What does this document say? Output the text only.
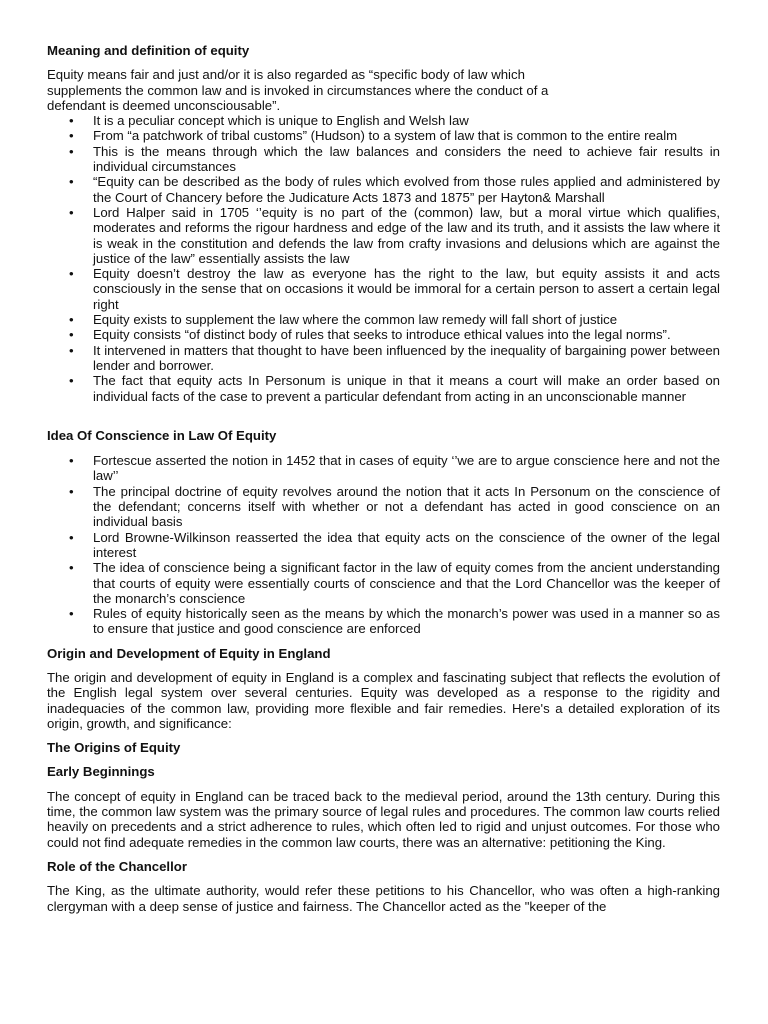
Meaning and definition of equity

Equity means fair and just and/or it is also regarded as “specific body of law which
supplements the common law and is invoked in circumstances where the conduct of a
defendant is deemed unconsciousable”.
• It is a peculiar concept which is unique to English and Welsh law
• From “a patchwork of tribal customs” (Hudson) to a system of law that is common to the entire realm
• This is the means through which the law balances and considers the need to achieve fair results in individual circumstances
• “Equity can be described as the body of rules which evolved from those rules applied and administered by the Court of Chancery before the Judicature Acts 1873 and 1875” per Hayton& Marshall
• Lord Halper said in 1705 ‘’equity is no part of the (common) law, but a moral virtue which qualifies, moderates and reforms the rigour hardness and edge of the law and its truth, and it assists the law where it is weak in the constitution and defends the law from crafty invasions and delusions which are against the justice of the law” essentially assists the law
• Equity doesn’t destroy the law as everyone has the right to the law, but equity assists it and acts consciously in the sense that on occasions it would be immoral for a certain person to assert a certain legal right
• Equity exists to supplement the law where the common law remedy will fall short of justice
• Equity consists “of distinct body of rules that seeks to introduce ethical values into the legal norms”.
• It intervened in matters that thought to have been influenced by the inequality of bargaining power between lender and borrower.
• The fact that equity acts In Personum is unique in that it means a court will make an order based on individual facts of the case to prevent a particular defendant from acting in an unconscionable manner

Idea Of Conscience in Law Of Equity

• Fortescue asserted the notion in 1452 that in cases of equity ‘’we are to argue conscience here and not the law’’
• The principal doctrine of equity revolves around the notion that it acts In Personum on the conscience of the defendant; concerns itself with whether or not a defendant has acted in good conscience on an individual basis
• Lord Browne-Wilkinson reasserted the idea that equity acts on the conscience of the owner of the legal interest
• The idea of conscience being a significant factor in the law of equity comes from the ancient understanding that courts of equity were essentially courts of conscience and that the Lord Chancellor was the keeper of the monarch’s conscience
• Rules of equity historically seen as the means by which the monarch’s power was used in a manner so as to ensure that justice and good conscience are enforced

Origin and Development of Equity in England

The origin and development of equity in England is a complex and fascinating subject that reflects the evolution of the English legal system over several centuries. Equity was developed as a response to the rigidity and inadequacies of the common law, providing more flexible and fair remedies. Here's a detailed exploration of its origin, growth, and significance:

The Origins of Equity

Early Beginnings

The concept of equity in England can be traced back to the medieval period, around the 13th century. During this time, the common law system was the primary source of legal rules and procedures. The common law courts relied heavily on precedents and a strict adherence to rules, which often led to rigid and unjust outcomes. For those who could not find adequate remedies in the common law courts, there was an alternative: petitioning the King.

Role of the Chancellor

The King, as the ultimate authority, would refer these petitions to his Chancellor, who was often a high-ranking clergyman with a deep sense of justice and fairness. The Chancellor acted as the "keeper of the
